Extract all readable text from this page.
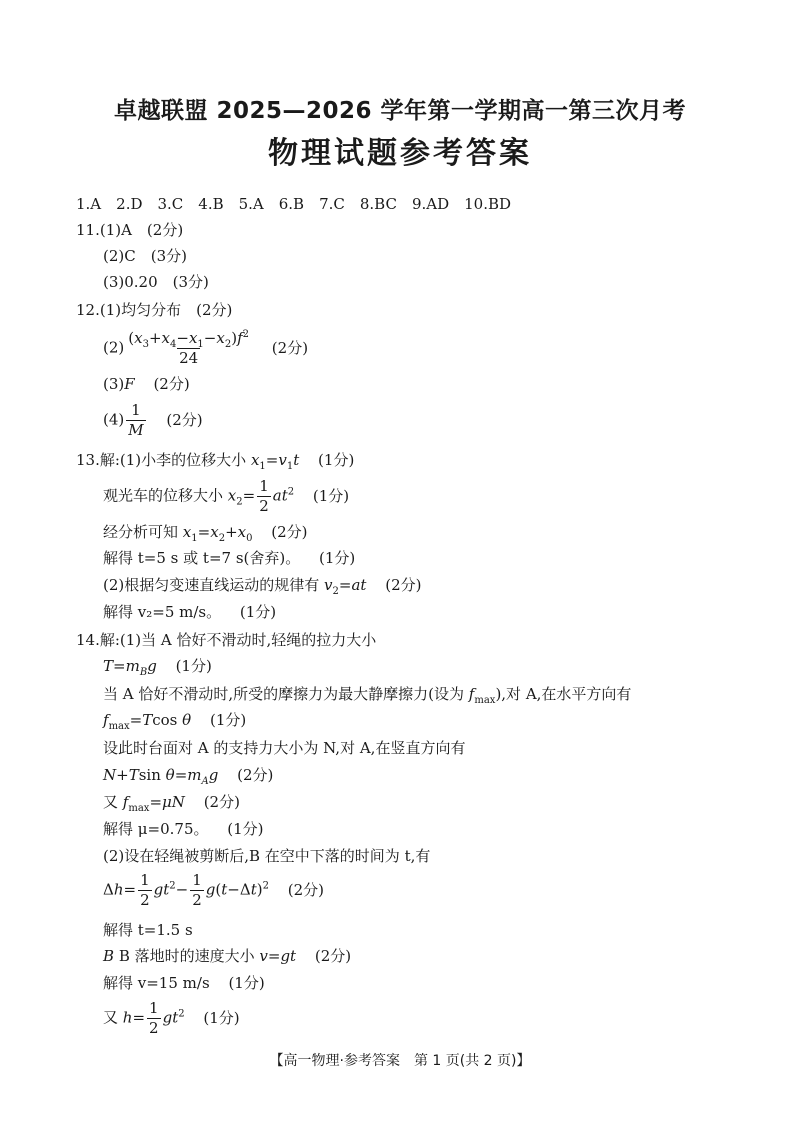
卓越联盟 2025—2026 学年第一学期高一第三次月考
物理试题参考答案
1.A　2.D　3.C　4.B　5.A　6.B　7.C　8.BC　9.AD　10.BD
11.(1)A　(2分)
(2)C　(3分)
(3)0.20　(3分)
12.(1)均匀分布　(2分)
$(2) \frac{(x_3+x_4-x_1-x_2)f^2}{24} (2$分)
(3)F (2分)
$(4) \frac{1}{M} (2$分)
13.解:(1)小李的位移大小 $x_1=v_1t$ (1分)
观光车的位移大小 $x_2= \frac{1}{2} at^2$ (1分)
经分析可知 $x_1=x_2+x_0$ (2分)
解得 t=5 s 或 t=7 s(舍弃)。 (1分)
(2)根据匀变速直线运动的规律有 $v_2=at$ (2分)
解得 v₂=5 m/s。 (1分)
14.解:(1)当 A 恰好不滑动时,轻绳的拉力大小
$T=m_Bg$ (1分)
当 A 恰好不滑动时,所受的摩擦力为最大静摩擦力(设为 $f_{max}$),对 A,在水平方向有
$f_{max}=Tcos$ θ (1分)
设此时台面对 A 的支持力大小为 N,对 A,在竖直方向有
N+Tsin $\theta=m_Ag$ (2分)
又 $f_{max}=\mu N$ (2分)
解得 μ=0.75。 (1分)
(2)设在轻绳被剪断后,B 在空中下落的时间为 t,有
$\Delta h= \frac{1}{2} gt^2- \frac{1}{2} g(t-\Delta t)^2$ (2分)
解得 t=1.5 s
B B 落地时的速度大小 v=gt (2分)
解得 v=15 m/s (1分)
又 $h= \frac{1}{2} gt^2$ (1分)
【高一物理·参考答案　第 1 页(共 2 页)】
